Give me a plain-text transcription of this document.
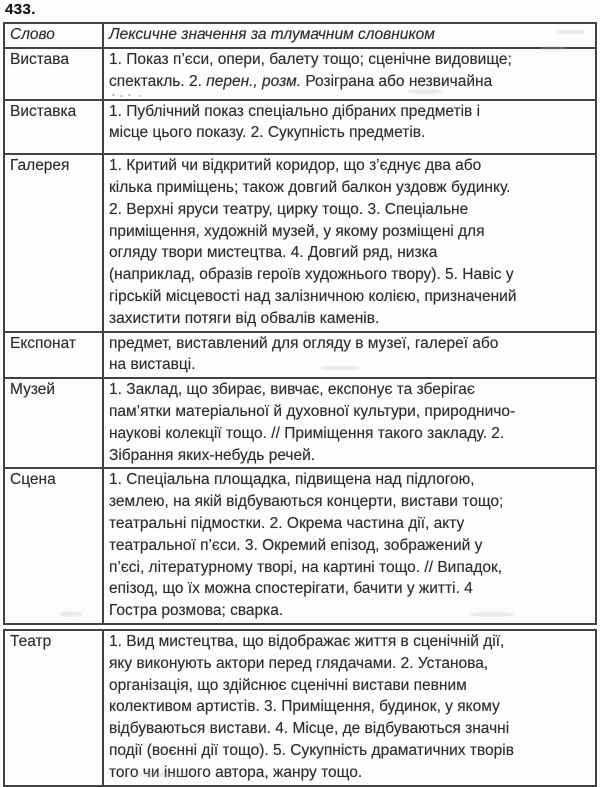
433.
Слово	Лексичне значення за тлумачним словником
Вистава	1. Показ п’єси, опери, балету тощо; сценічне видовище;
спектакль. 2. перен., розм. Розіграна або незвичайна

Виставка	1. Публічний показ спеціально дібраних предметів і
місце цього показу. 2. Сукупність предметів.

Галерея	1. Критий чи відкритий коридор, що з’єднує два або
кілька приміщень; також довгий балкон уздовж будинку.
2. Верхні яруси театру, цирку тощо. 3. Спеціальне
приміщення, художній музей, у якому розміщені для
огляду твори мистецтва. 4. Довгий ряд, низка
(наприклад, образів героїв художнього твору). 5. Навіс у
гірській місцевості над залізничною колією, призначений
захистити потяги від обвалів каменів.

Експонат	предмет, виставлений для огляду в музеї, галереї або
на виставці.

Музей	1. Заклад, що збирає, вивчає, експонує та зберігає
пам’ятки матеріальної й духовної культури, природничо-
наукові колекції тощо. // Приміщення такого закладу. 2.
Зібрання яких-небудь речей.

Сцена	1. Спеціальна площадка, підвищена над підлогою,
землею, на якій відбуваються концерти, вистави тощо;
театральні підмостки. 2. Окрема частина дії, акту
театральної п’єси. 3. Окремий епізод, зображений у
п’єсі, літературному творі, на картині тощо. // Випадок,
епізод, що їх можна спостерігати, бачити у житті. 4
Гостра розмова; сварка.

Театр	1. Вид мистецтва, що відображає життя в сценічній дії,
яку виконують актори перед глядачами. 2. Установа,
організація, що здійснює сценічні вистави певним
колективом артистів. 3. Приміщення, будинок, у якому
відбуваються вистави. 4. Місце, де відбуваються значні
події (воєнні дії тощо). 5. Сукупність драматичних творів
того чи іншого автора, жанру тощо.
